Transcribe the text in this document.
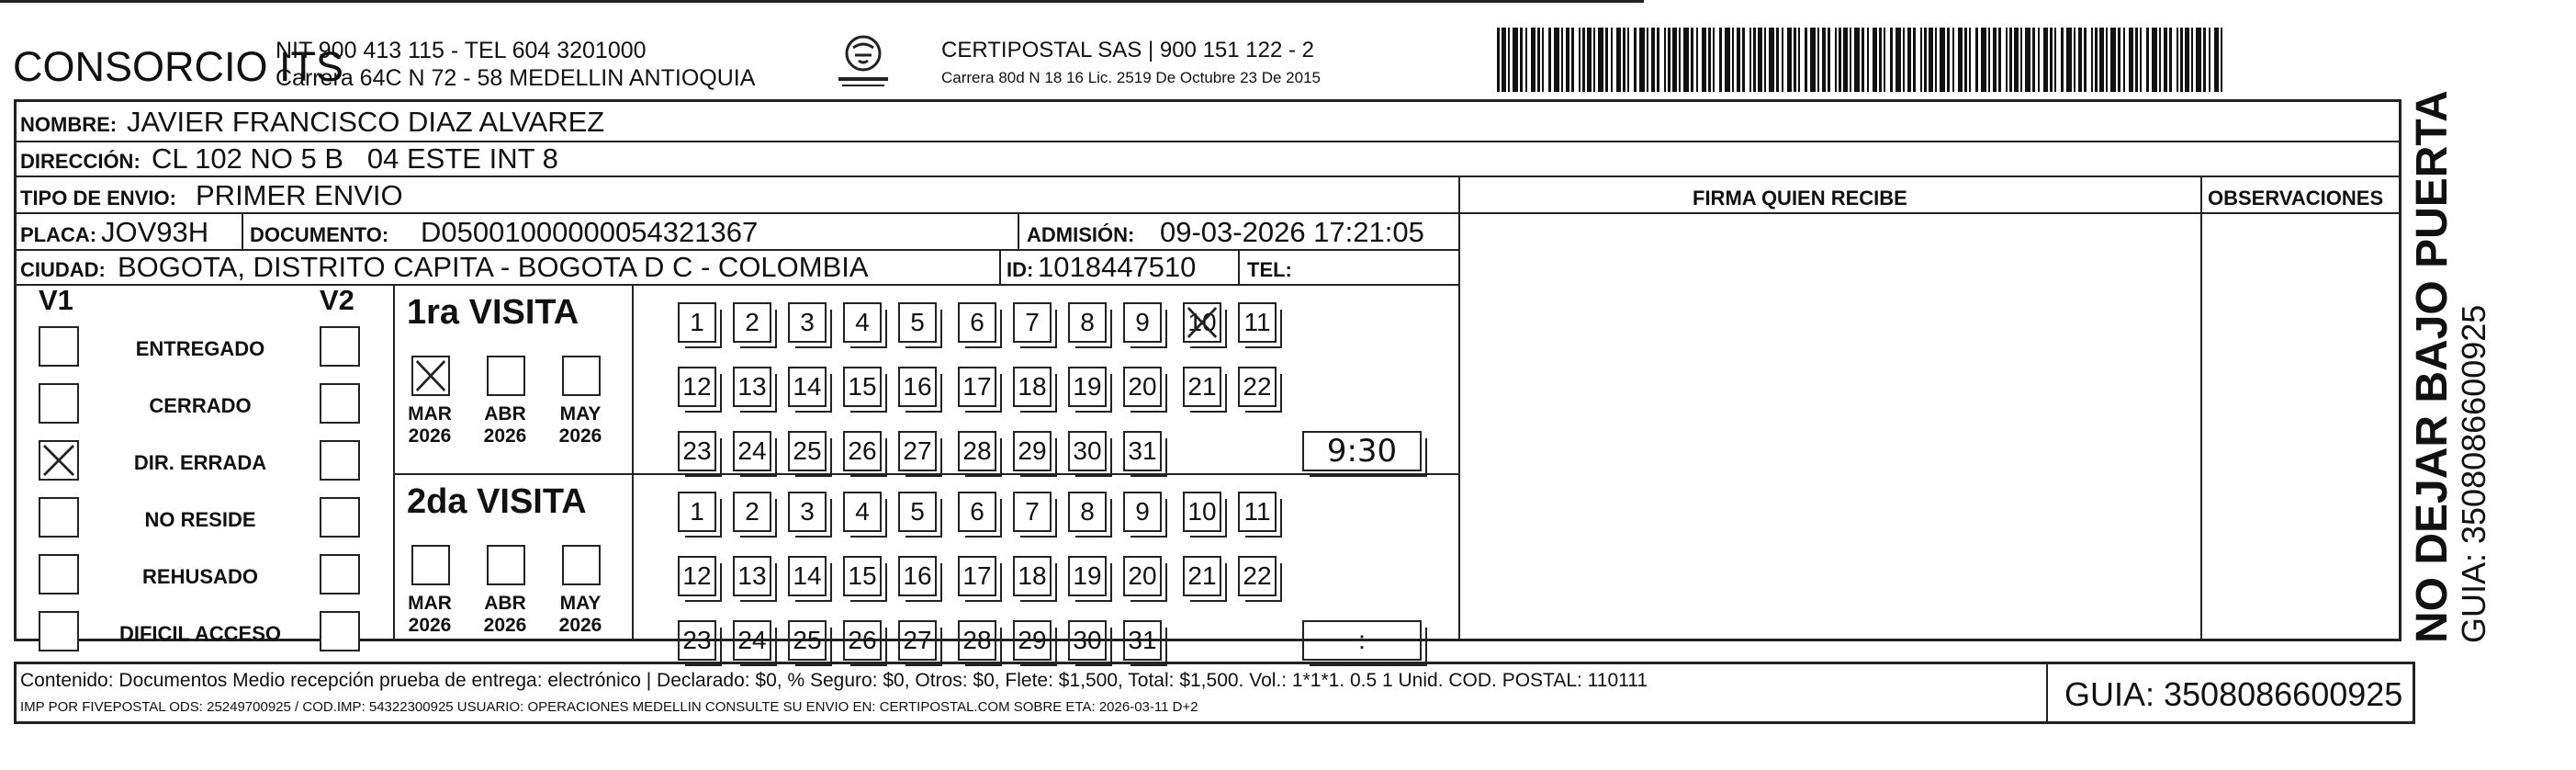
CONSORCIO ITS
NIT 900 413 115 - TEL 604 3201000
Carrera 64C N 72 - 58 MEDELLIN ANTIOQUIA
CERTIPOSTAL SAS | 900 151 122 - 2
Carrera 80d N 18 16 Lic. 2519 De Octubre 23 De 2015
NOMBRE: JAVIER FRANCISCO DIAZ ALVAREZ
DIRECCIÓN: CL 102 NO 5 B   04 ESTE INT 8
TIPO DE ENVIO: PRIMER ENVIO	FIRMA QUIEN RECIBE	OBSERVACIONES
PLACA: JOV93H DOCUMENTO: D05001000000054321367	ADMISIÓN: 09-03-2026 17:21:05
CIUDAD: BOGOTA, DISTRITO CAPITA - BOGOTA D C - COLOMBIA	ID: 1018447510	TEL:
V1	V2
ENTREGADO
CERRADO
DIR. ERRADA
NO RESIDE
REHUSADO
DIFICIL ACCESO
1ra VISITA
MAR
2026
ABR
2026
MAY
2026
1	2	3	4	5	6	7	8	9	10 11
12 13 14 15 16 17 18 19 20 21 22
23 24 25 26 27 28 29 30 31	9:30
2da VISITA
MAR
2026
ABR
2026
MAY
2026
1	2	3	4	5	6	7	8	9	10 11
12 13 14 15 16 17 18 19 20 21 22
23 24 25 26 27 28 29 30 31	:
Contenido: Documentos Medio recepción prueba de entrega: electrónico | Declarado: $0, % Seguro: $0, Otros: $0, Flete: $1,500, Total: $1,500. Vol.: 1*1*1. 0.5 1 Unid. COD. POSTAL: 110111
IMP POR FIVEPOSTAL ODS: 25249700925 / COD.IMP: 54322300925 USUARIO: OPERACIONES MEDELLIN CONSULTE SU ENVIO EN: CERTIPOSTAL.COM SOBRE ETA: 2026-03-11 D+2	GUIA: 3508086600925
NO DEJAR BAJO PUERTA
GUIA: 3508086600925
